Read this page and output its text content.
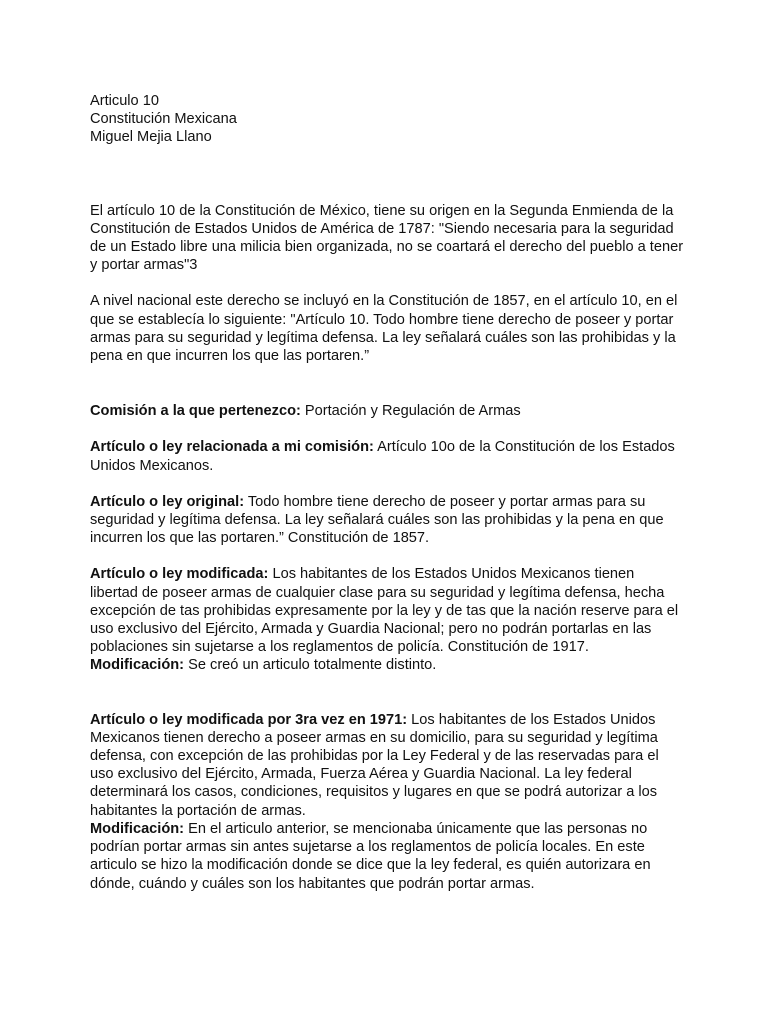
Articulo 10
Constitución Mexicana
Miguel Mejia Llano

El artículo 10 de la Constitución de México, tiene su origen en la Segunda Enmienda de la Constitución de Estados Unidos de América de 1787: "Siendo necesaria para la seguridad de un Estado libre una milicia bien organizada, no se coartará el derecho del pueblo a tener y portar armas"3

A nivel nacional este derecho se incluyó en la Constitución de 1857, en el artículo 10, en el que se establecía lo siguiente: "Artículo 10. Todo hombre tiene derecho de poseer y portar armas para su seguridad y legítima defensa. La ley señalará cuáles son las prohibidas y la pena en que incurren los que las portaren.”

Comisión a la que pertenezco: Portación y Regulación de Armas

Artículo o ley relacionada a mi comisión: Artículo 10o de la Constitución de los Estados Unidos Mexicanos.

Artículo o ley original: Todo hombre tiene derecho de poseer y portar armas para su seguridad y legítima defensa. La ley señalará cuáles son las prohibidas y la pena en que incurren los que las portaren.” Constitución de 1857.

Artículo o ley modificada: Los habitantes de los Estados Unidos Mexicanos tienen libertad de poseer armas de cualquier clase para su seguridad y legítima defensa, hecha excepción de tas prohibidas expresamente por la ley y de tas que la nación reserve para el uso exclusivo del Ejército, Armada y Guardia Nacional; pero no podrán portarlas en las poblaciones sin sujetarse a los reglamentos de policía. Constitución de 1917.

Modificación: Se creó un articulo totalmente distinto.

Artículo o ley modificada por 3ra vez en 1971: Los habitantes de los Estados Unidos Mexicanos tienen derecho a poseer armas en su domicilio, para su seguridad y legítima defensa, con excepción de las prohibidas por la Ley Federal y de las reservadas para el uso exclusivo del Ejército, Armada, Fuerza Aérea y Guardia Nacional. La ley federal determinará los casos, condiciones, requisitos y lugares en que se podrá autorizar a los habitantes la portación de armas.

Modificación: En el articulo anterior, se mencionaba únicamente que las personas no podrían portar armas sin antes sujetarse a los reglamentos de policía locales. En este articulo se hizo la modificación donde se dice que la ley federal, es quién autorizara en dónde, cuándo y cuáles son los habitantes que podrán portar armas.
